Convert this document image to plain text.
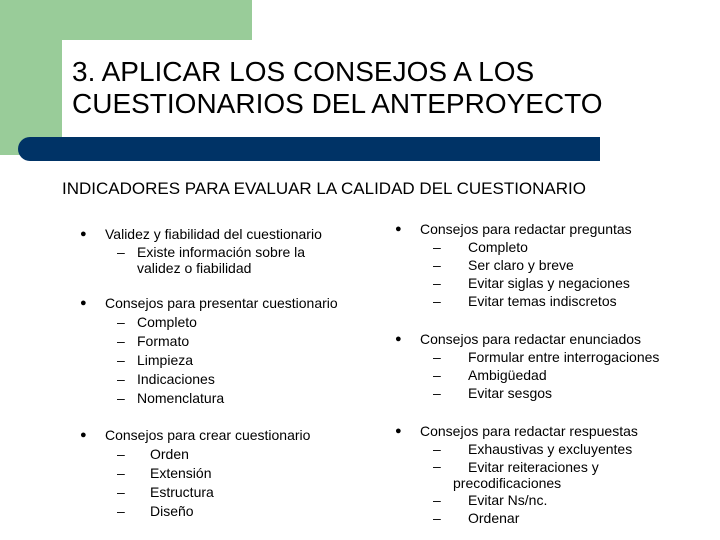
3. APLICAR LOS CONSEJOS A LOS
CUESTIONARIOS DEL ANTEPROYECTO
INDICADORES PARA EVALUAR LA CALIDAD DEL CUESTIONARIO
● Validez y fiabilidad del cuestionario
– Existe información sobre la
validez o fiabilidad
● Consejos para presentar cuestionario
– Completo
– Formato
– Limpieza
– Indicaciones
– Nomenclatura
● Consejos para crear cuestionario
– Orden
– Extensión
– Estructura
– Diseño
● Consejos para redactar preguntas
– Completo
– Ser claro y breve
– Evitar siglas y negaciones
– Evitar temas indiscretos
● Consejos para redactar enunciados
– Formular entre interrogaciones
– Ambigüedad
– Evitar sesgos
● Consejos para redactar respuestas
– Exhaustivas y excluyentes
– Evitar reiteraciones y
precodificaciones
– Evitar Ns/nc.
– Ordenar
